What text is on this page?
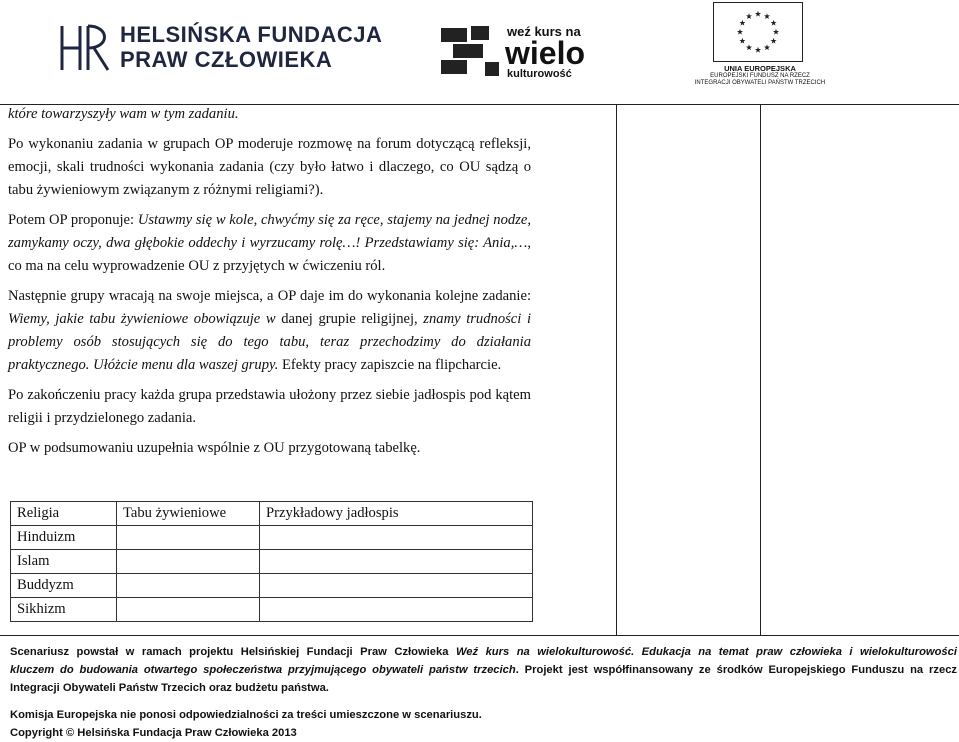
HELSIŃSKA FUNDACJA
PRAW CZŁOWIEKA
weź kurs na
wielo
kulturowość	UNIA EUROPEJSKA
EUROPEJSKI FUNDUSZ NA RZECZ
INTEGRACJI OBYWATELI PAŃSTW TRZECICH

które towarzyszyły wam w tym zadaniu.

Po wykonaniu zadania w grupach OP moderuje rozmowę na forum dotyczącą refleksji, emocji, skali trudności wykonania zadania (czy było łatwo i dlaczego, co OU sądzą o tabu żywieniowym związanym z różnymi religiami?).

Potem OP proponuje: Ustawmy się w kole, chwyćmy się za ręce, stajemy na jednej nodze, zamykamy oczy, dwa głębokie oddechy i wyrzucamy rolę…! Przedstawiamy się: Ania,…, co ma na celu wyprowadzenie OU z przyjętych w ćwiczeniu ról.

Następnie grupy wracają na swoje miejsca, a OP daje im do wykonania kolejne zadanie: Wiemy, jakie tabu żywieniowe obowiązuje w danej grupie religijnej, znamy trudności i problemy osób stosujących się do tego tabu, teraz przechodzimy do działania praktycznego. Ułóżcie menu dla waszej grupy. Efekty pracy zapiszcie na flipcharcie.

Po zakończeniu pracy każda grupa przedstawia ułożony przez siebie jadłospis pod kątem religii i przydzielonego zadania.

OP w podsumowaniu uzupełnia wspólnie z OU przygotowaną tabelkę.

Religia	Tabu żywieniowe	Przykładowy jadłospis
Hinduizm		
Islam		
Buddyzm		
Sikhizm		
Scenariusz powstał w ramach projektu Helsińskiej Fundacji Praw Człowieka Weź kurs na wielokulturowość. Edukacja na temat praw człowieka i wielokulturowości
kluczem do budowania otwartego społeczeństwa przyjmującego obywateli państw trzecich. Projekt jest współfinansowany ze środków Europejskiego Funduszu na rzecz
Integracji Obywateli Państw Trzecich oraz budżetu państwa.
Komisja Europejska nie ponosi odpowiedzialności za treści umieszczone w scenariuszu.
Copyright © Helsińska Fundacja Praw Człowieka 2013
